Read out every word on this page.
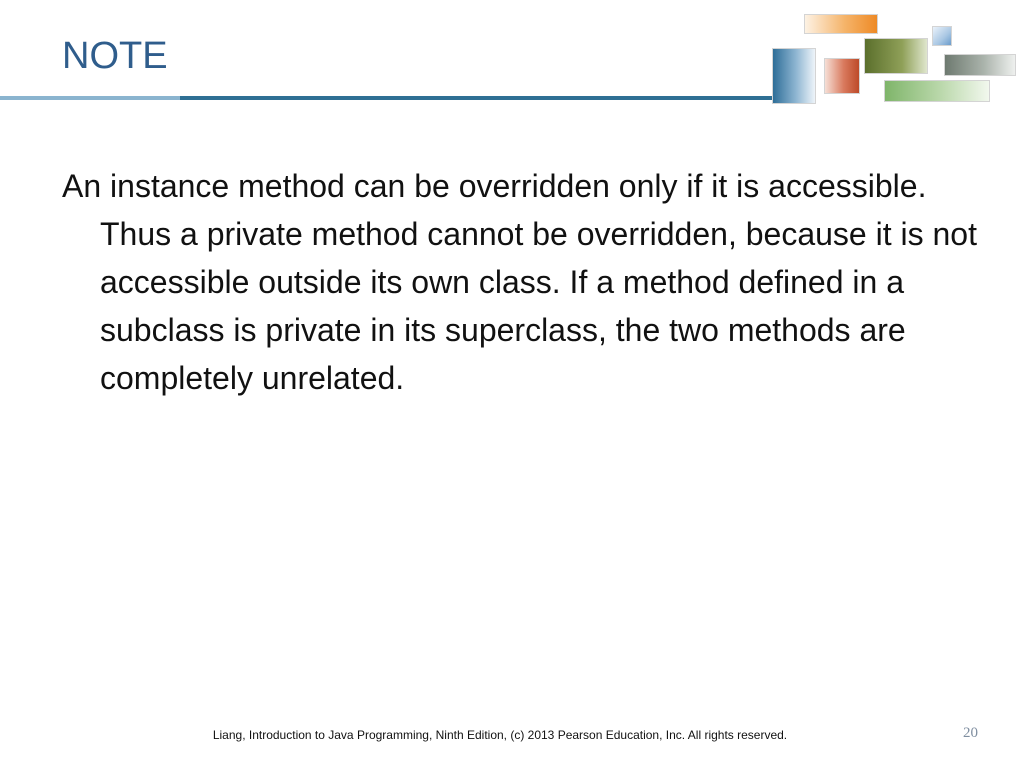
NOTE

An instance method can be overridden only if it is accessible. Thus a private method cannot be overridden, because it is not accessible outside its own class. If a method defined in a subclass is private in its superclass, the two methods are completely unrelated.

Liang, Introduction to Java Programming, Ninth Edition, (c) 2013 Pearson Education, Inc. All rights reserved.	20
